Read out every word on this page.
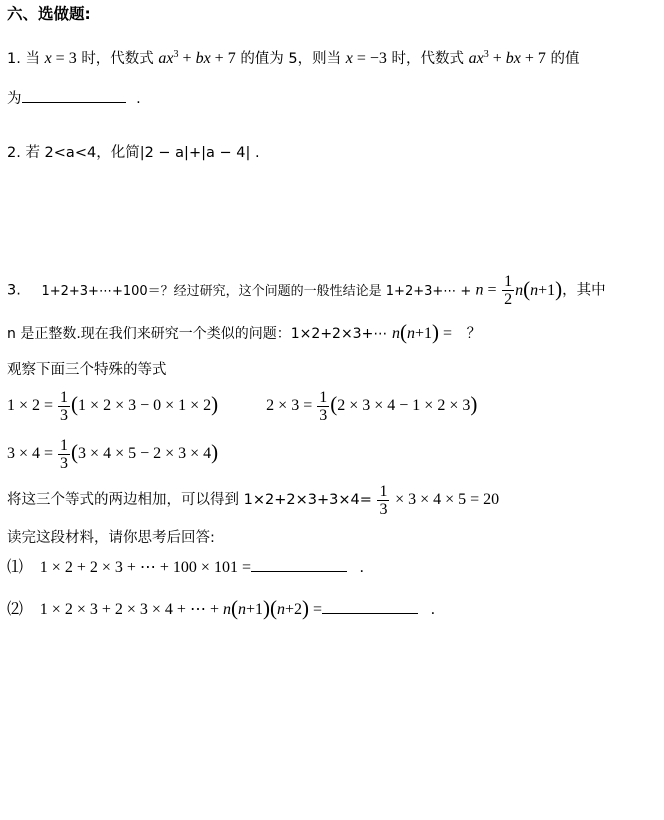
六、选做题:
1. 当 x = 3 时，代数式 $ax^3$ + bx + 7 的值为 5，则当 x = −3 时，代数式 $ax^3$ + bx + 7 的值
为	.
2. 若 2<a<4，化简|2 − a|+|a − 4| .
3. 1+2+3+⋯+100＝？经过研究，这个问题的一般性结论是 1+2+3+⋯ + $n = \frac{1}{2} n(n+1)$，其中
n 是正整数.现在我们来研究一个类似的问题：1×2+2×3+⋯ n(n+1) = ？
观察下面三个特殊的等式
$1 \times 2 = \frac{1}{3} (1 \times 2 \times 3 - 0 \times 1 \times 2)$	$2 \times 3 = \frac{1}{3} (2 \times 3 \times 4 - 1 \times 2 \times 3)$
$3 \times 4 = \frac{1}{3} (3 \times 4 \times 5 - 2 \times 3 \times 4)$
将这三个等式的两边相加，可以得到 $1\times 2+2\times 3+3\times 4= \frac{1}{3} \times 3 \times 4 \times 5 = 20$
读完这段材料，请你思考后回答:
⑴ 1 × 2 + 2 × 3 + ⋯ + 100 × 101 =	.
⑵ 1 × 2 × 3 + 2 × 3 × 4 + ⋯ + n(n+1)(n+2) =	.
